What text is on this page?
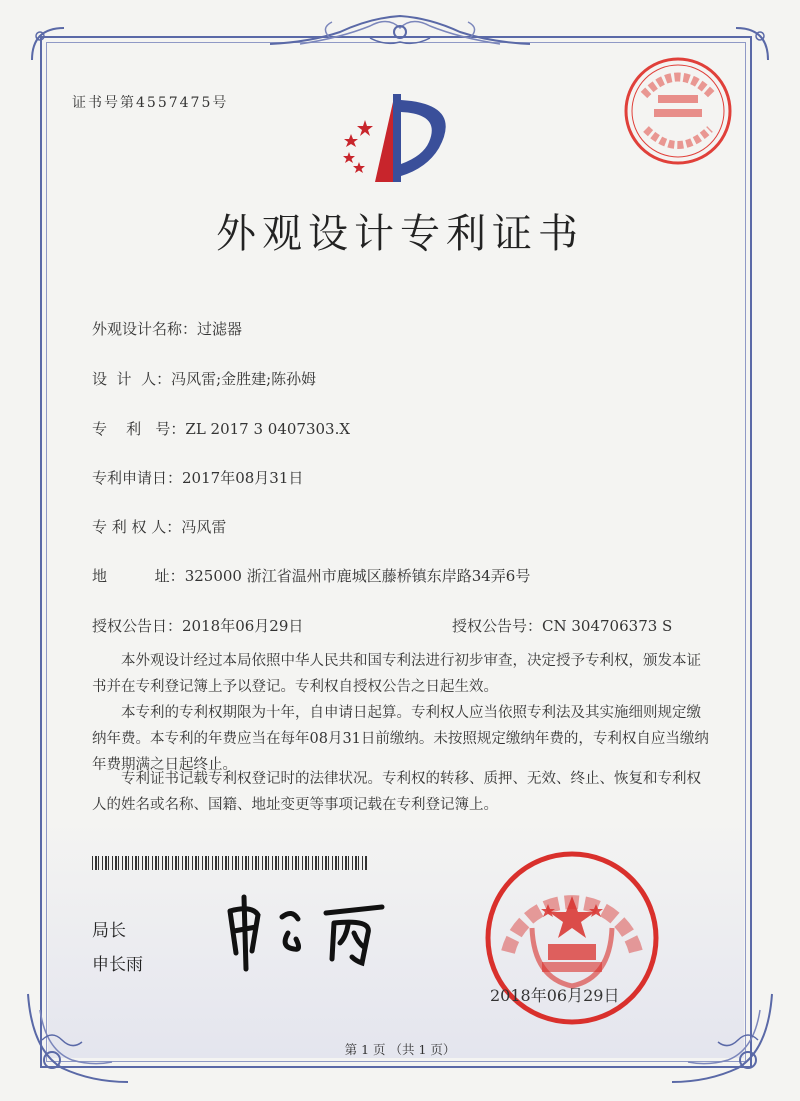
证书号第4557475号
外观设计专利证书
外观设计名称：过滤器
设  计  人：冯风雷;金胜建;陈孙姆
专    利   号：ZL 2017 3 0407303.X
专利申请日：2017年08月31日
专 利 权 人：冯风雷
地          址：325000 浙江省温州市鹿城区藤桥镇东岸路34弄6号
授权公告日：2018年06月29日	授权公告号：CN 304706373 S

本外观设计经过本局依照中华人民共和国专利法进行初步审查，决定授予专利权，颁发本证书并在专利登记簿上予以登记。专利权自授权公告之日起生效。

本专利的专利权期限为十年，自申请日起算。专利权人应当依照专利法及其实施细则规定缴纳年费。本专利的年费应当在每年08月31日前缴纳。未按照规定缴纳年费的，专利权自应当缴纳年费期满之日起终止。

专利证书记载专利权登记时的法律状况。专利权的转移、质押、无效、终止、恢复和专利权人的姓名或名称、国籍、地址变更等事项记载在专利登记簿上。

局长
申长雨
2018年06月29日
第 1 页 （共 1 页）
